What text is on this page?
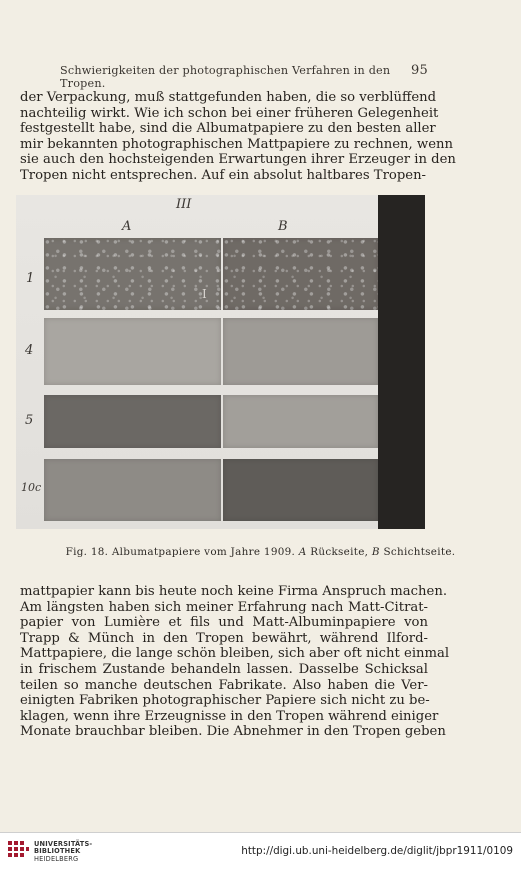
Schwierigkeiten der photographischen Verfahren in den Tropen.
95
der Verpackung, muß stattgefunden haben, die so verblüffend
nachteilig wirkt. Wie ich schon bei einer früheren Gelegenheit
festgestellt habe, sind die Albumatpapiere zu den besten aller
mir bekannten photographischen Mattpapiere zu rechnen, wenn
sie auch den hochsteigenden Erwartungen ihrer Erzeuger in den
Tropen nicht entsprechen. Auf ein absolut haltbares Tropen-
III
A	B
1
4
5
10c
I
Fig. 18. Albumatpapiere vom Jahre 1909. A Rückseite, B Schichtseite.
mattpapier kann bis heute noch keine Firma Anspruch machen.
Am längsten haben sich meiner Erfahrung nach Matt-Citrat-
papier von Lumière et fils und Matt-Albuminpapiere von
Trapp & Münch in den Tropen bewährt, während Ilford-
Mattpapiere, die lange schön bleiben, sich aber oft nicht einmal
in frischem Zustande behandeln lassen. Dasselbe Schicksal
teilen so manche deutschen Fabrikate. Also haben die Ver-
einigten Fabriken photographischer Papiere sich nicht zu be-
klagen, wenn ihre Erzeugnisse in den Tropen während einiger
Monate brauchbar bleiben. Die Abnehmer in den Tropen geben
UNIVERSITÄTS-
BIBLIOTHEK
HEIDELBERG
http://digi.ub.uni-heidelberg.de/diglit/jbpr1911/0109
